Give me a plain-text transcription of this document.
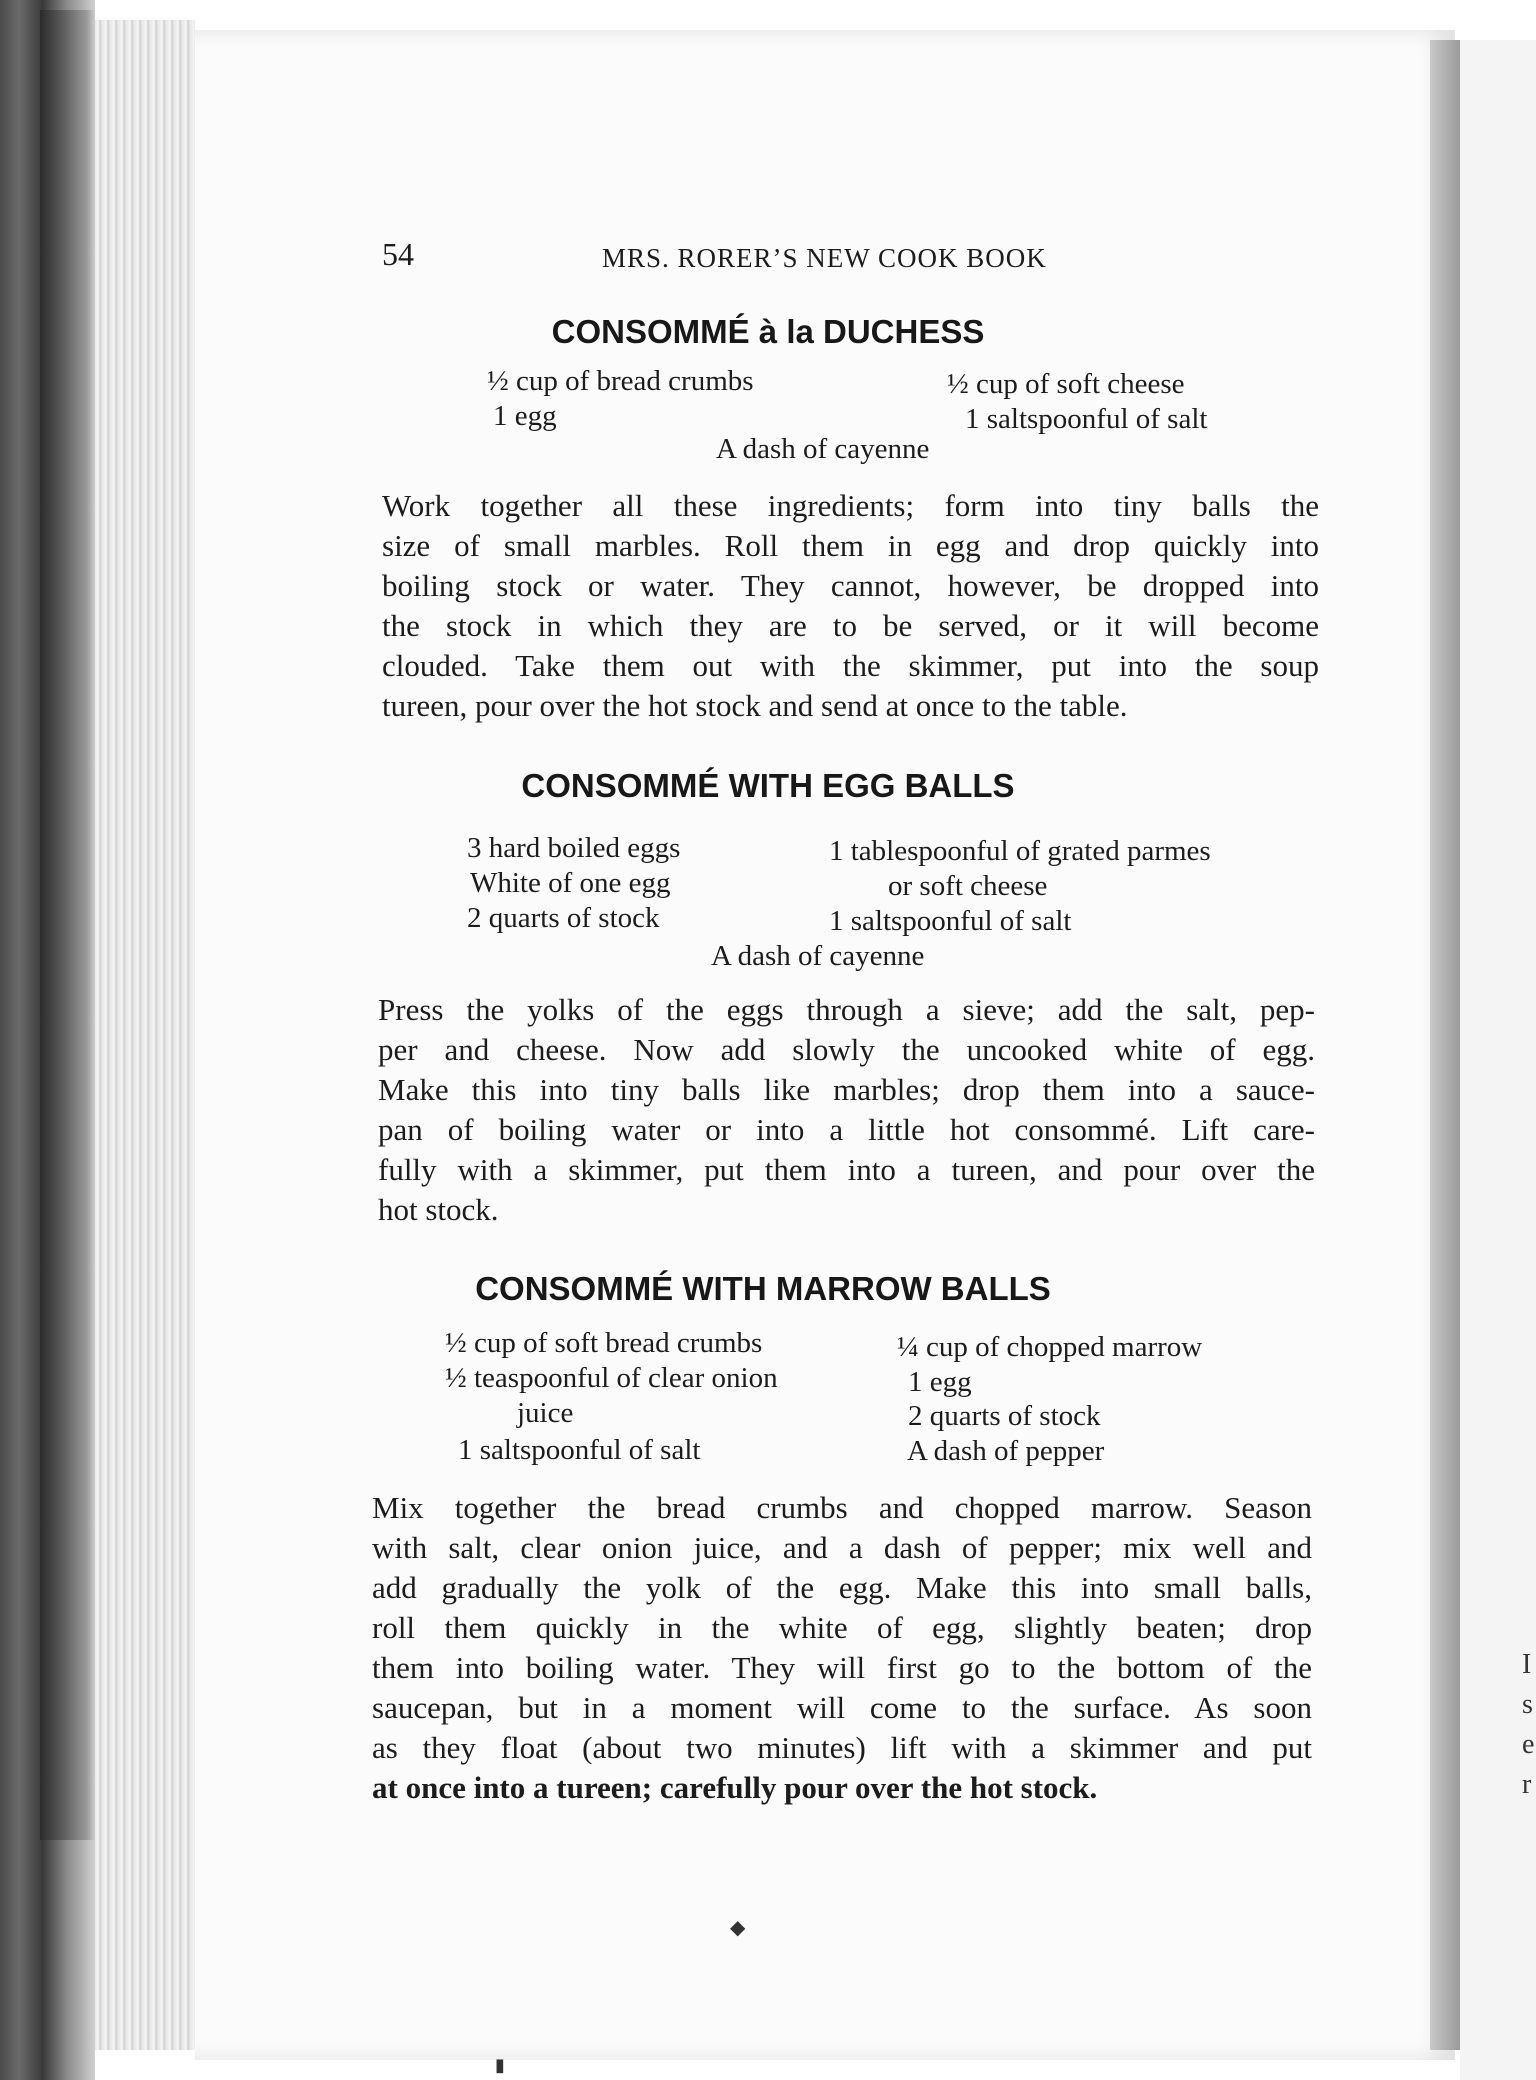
I
s
e
r
54	MRS. RORER’S NEW COOK BOOK
CONSOMMÉ à la DUCHESS
½ cup of bread crumbs
1 egg
½ cup of soft cheese
1 saltspoonful of salt
A dash of cayenne
Work together all these ingredients; form into tiny balls the
size of small marbles. Roll them in egg and drop quickly into
boiling stock or water. They cannot, however, be dropped into
the stock in which they are to be served, or it will become
clouded. Take them out with the skimmer, put into the soup
tureen, pour over the hot stock and send at once to the table.
CONSOMMÉ WITH EGG BALLS
3 hard boiled eggs
White of one egg
2 quarts of stock
1 tablespoonful of grated parmes
or soft cheese
1 saltspoonful of salt
A dash of cayenne
Press the yolks of the eggs through a sieve; add the salt, pep-
per and cheese. Now add slowly the uncooked white of egg.
Make this into tiny balls like marbles; drop them into a sauce-
pan of boiling water or into a little hot consommé. Lift care-
fully with a skimmer, put them into a tureen, and pour over the
hot stock.
CONSOMMÉ WITH MARROW BALLS
½ cup of soft bread crumbs
½ teaspoonful of clear onion
juice
1 saltspoonful of salt
¼ cup of chopped marrow
1 egg
2 quarts of stock
A dash of pepper
Mix together the bread crumbs and chopped marrow. Season
with salt, clear onion juice, and a dash of pepper; mix well and
add gradually the yolk of the egg. Make this into small balls,
roll them quickly in the white of egg, slightly beaten; drop
them into boiling water. They will first go to the bottom of the
saucepan, but in a moment will come to the surface. As soon
as they float (about two minutes) lift with a skimmer and put
at once into a tureen; carefully pour over the hot stock.
◆
▮
